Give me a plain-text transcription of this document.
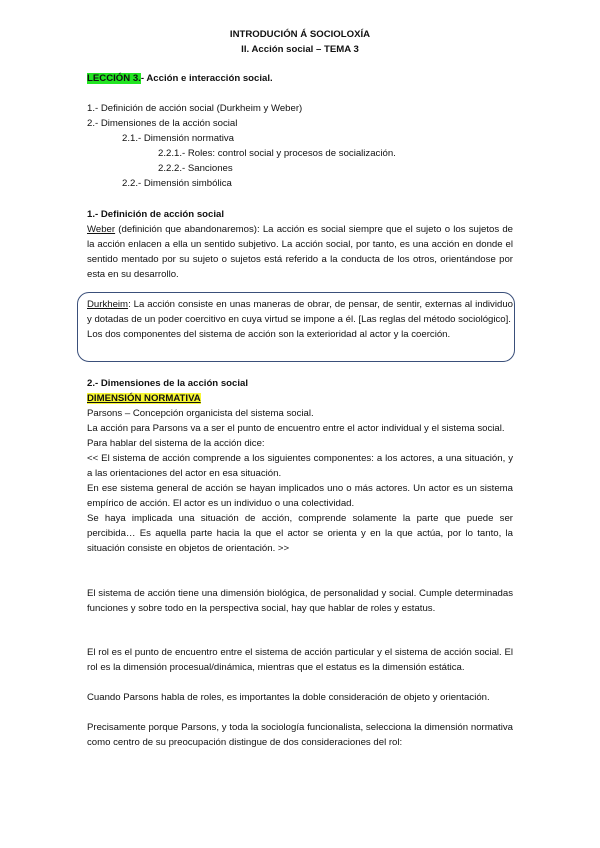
INTRODUCIÓN Á SOCIOLOXÍA
II. Acción social – TEMA 3
LECCIÓN 3.- Acción e interacción social.

1.- Definición de acción social (Durkheim y Weber)

2.- Dimensiones de la acción social

2.1.- Dimensión normativa

2.2.1.- Roles: control social y procesos de socialización.

2.2.2.- Sanciones

2.2.- Dimensión simbólica

1.- Definición de acción social
Weber (definición que abandonaremos): La acción es social siempre que el sujeto o los sujetos de la acción enlacen a ella un sentido subjetivo. La acción social, por tanto, es una acción en donde el sentido mentado por su sujeto o sujetos está referido a la conducta de los otros, orientándose por esta en su desarrollo.

Durkheim: La acción consiste en unas maneras de obrar, de pensar, de sentir, externas al individuo y dotadas de un poder coercitivo en cuya virtud se impone a él. [Las reglas del método sociológico].

Los dos componentes del sistema de acción son la exterioridad al actor y la coerción.

2.- Dimensiones de la acción social
DIMENSIÓN NORMATIVA

Parsons – Concepción organicista del sistema social.

La acción para Parsons va a ser el punto de encuentro entre el actor individual y el sistema social.

Para hablar del sistema de la acción dice:

<< El sistema de acción comprende a los siguientes componentes: a los actores, a una situación, y a las orientaciones del actor en esa situación.

En ese sistema general de acción se hayan implicados uno o más actores. Un actor es un sistema empírico de acción. El actor es un individuo o una colectividad.

Se haya implicada una situación de acción, comprende solamente la parte que puede ser percibida… Es aquella parte hacia la que el actor se orienta y en la que actúa, por lo tanto, la situación consiste en objetos de orientación. >>

El sistema de acción tiene una dimensión biológica, de personalidad y social. Cumple determinadas funciones y sobre todo en la perspectiva social, hay que hablar de roles y estatus.
El rol es el punto de encuentro entre el sistema de acción particular y el sistema de acción social. El rol es la dimensión procesual/dinámica, mientras que el estatus es la dimensión estática.
Cuando Parsons habla de roles, es importantes la doble consideración de objeto y orientación.
Precisamente porque Parsons, y toda la sociología funcionalista, selecciona la dimensión normativa como centro de su preocupación distingue de dos consideraciones del rol:
